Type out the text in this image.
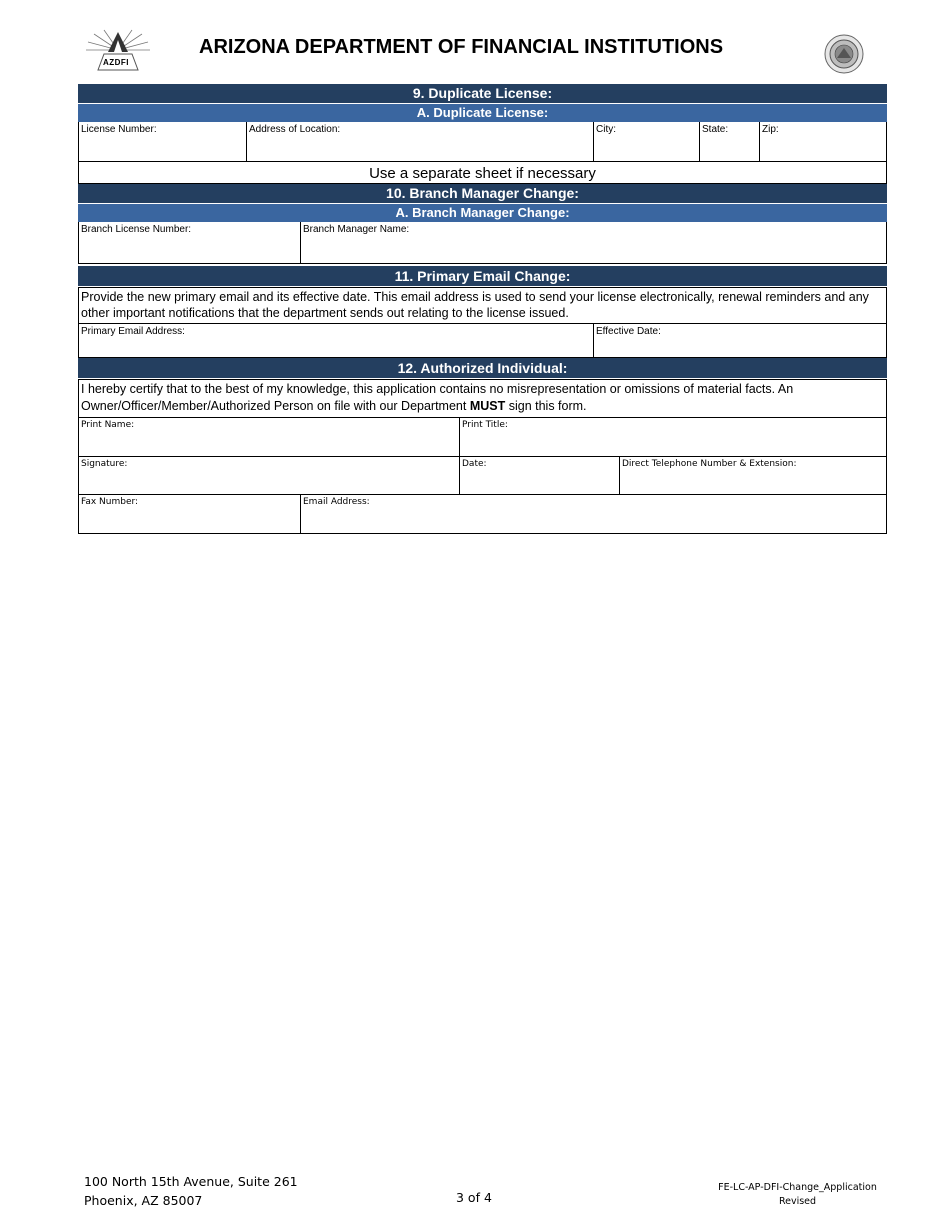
AZDFI
ARIZONA DEPARTMENT OF FINANCIAL INSTITUTIONS
9. Duplicate License:
A. Duplicate License:
License Number:	Address of Location:	City:	State:	Zip:
Use a separate sheet if necessary
10. Branch Manager Change:
A. Branch Manager Change:
Branch License Number:	Branch Manager Name:
11. Primary Email Change:
Provide the new primary email and its effective date. This email address is used to send your license electronically, renewal reminders and any other important notifications that the department sends out relating to the license issued.
Primary Email Address:	Effective Date:
12. Authorized Individual:
I hereby certify that to the best of my knowledge, this application contains no misrepresentation or omissions of material facts. An Owner/Officer/Member/Authorized Person on file with our Department MUST sign this form.
Print Name:	Print Title:
Signature:	Date:	Direct Telephone Number & Extension:
Fax Number:	Email Address:
100 North 15th Avenue, Suite 261
Phoenix, AZ 85007	3 of 4
FE-LC-AP-DFI-Change_Application
Revised
